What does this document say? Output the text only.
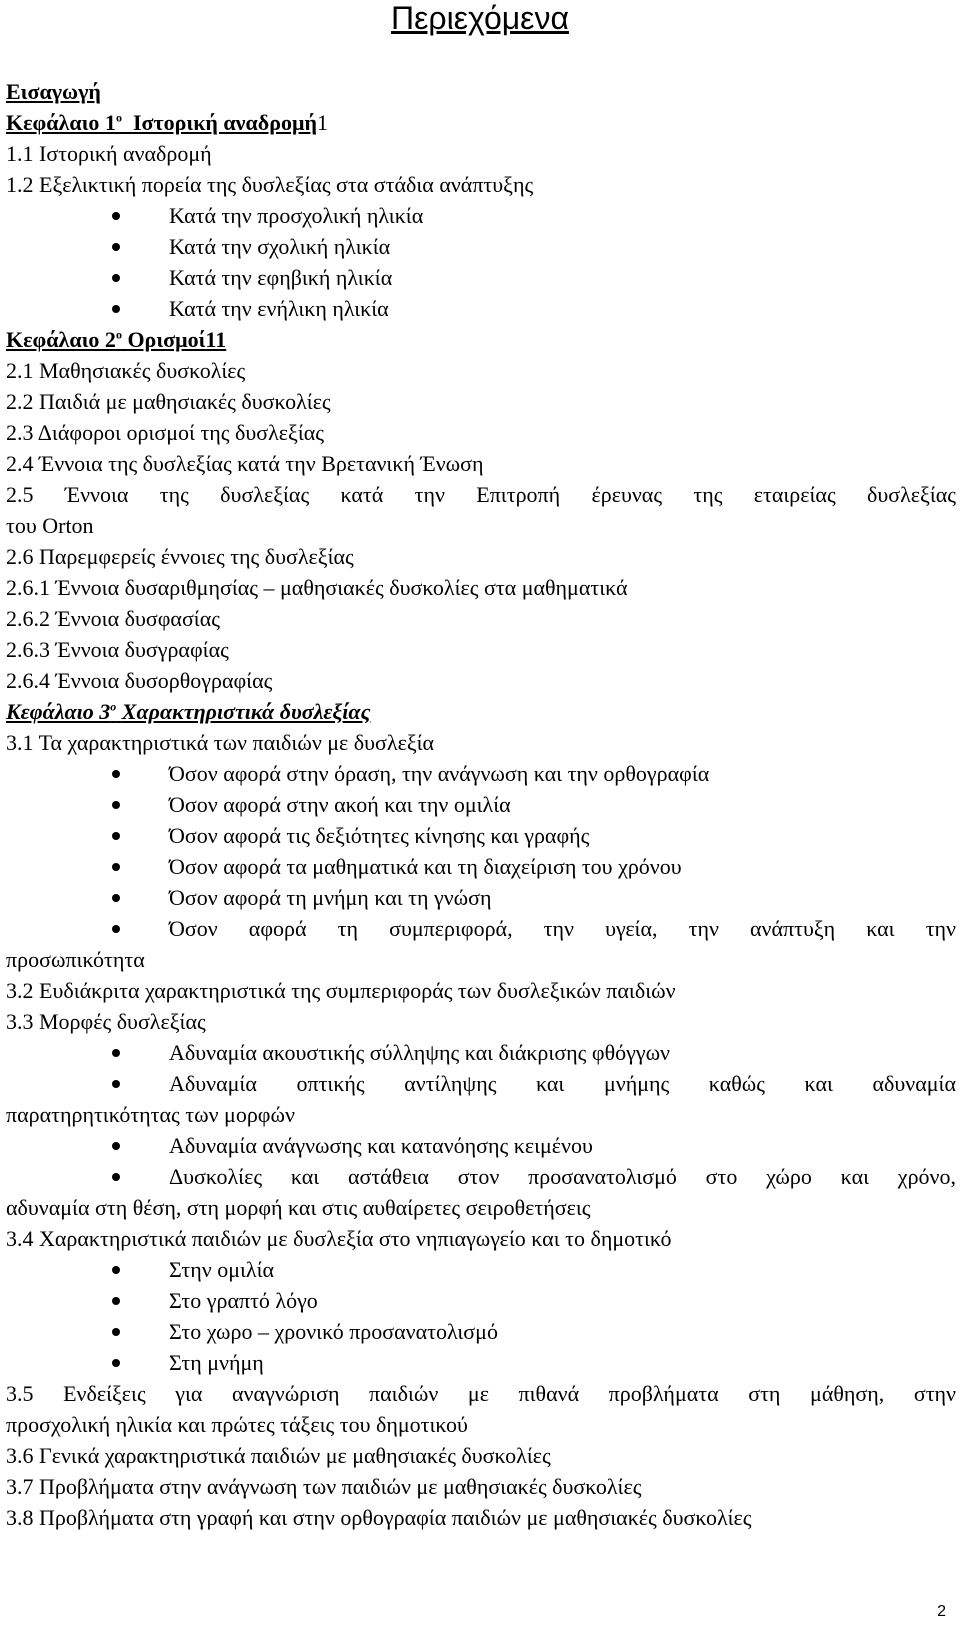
Περιεχόμενα
Εισαγωγή
Κεφάλαιο $1^o$ Ιστορική αναδρομή1
1.1 Ιστορική αναδρομή
1.2 Εξελικτική πορεία της δυσλεξίας στα στάδια ανάπτυξης
Κατά την προσχολική ηλικία
Κατά την σχολική ηλικία
Κατά την εφηβική ηλικία
Κατά την ενήλικη ηλικία
Κεφάλαιο $2^o$ Ορισμοί11
2.1 Μαθησιακές δυσκολίες
2.2 Παιδιά με μαθησιακές δυσκολίες
2.3 Διάφοροι ορισμοί της δυσλεξίας
2.4 Έννοια της δυσλεξίας κατά την Βρετανική Ένωση
2.5 Έννοια της δυσλεξίας κατά την Επιτροπή έρευνας της εταιρείας δυσλεξίας
του Orton
2.6 Παρεμφερείς έννοιες της δυσλεξίας
2.6.1 Έννοια δυσαριθμησίας – μαθησιακές δυσκολίες στα μαθηματικά
2.6.2 Έννοια δυσφασίας
2.6.3 Έννοια δυσγραφίας
2.6.4 Έννοια δυσορθογραφίας
Κεφάλαιο $3^o$ Χαρακτηριστικά δυσλεξίας
3.1 Τα χαρακτηριστικά των παιδιών με δυσλεξία
Όσον αφορά στην όραση, την ανάγνωση και την ορθογραφία
Όσον αφορά στην ακοή και την ομιλία
Όσον αφορά τις δεξιότητες κίνησης και γραφής
Όσον αφορά τα μαθηματικά και τη διαχείριση του χρόνου
Όσον αφορά τη μνήμη και τη γνώση
Όσον αφορά τη συμπεριφορά, την υγεία, την ανάπτυξη και την
προσωπικότητα
3.2 Ευδιάκριτα χαρακτηριστικά της συμπεριφοράς των δυσλεξικών παιδιών
3.3 Μορφές δυσλεξίας
Αδυναμία ακουστικής σύλληψης και διάκρισης φθόγγων
Αδυναμία οπτικής αντίληψης και μνήμης καθώς και αδυναμία
παρατηρητικότητας των μορφών
Αδυναμία ανάγνωσης και κατανόησης κειμένου
Δυσκολίες και αστάθεια στον προσανατολισμό στο χώρο και χρόνο,
αδυναμία στη θέση, στη μορφή και στις αυθαίρετες σειροθετήσεις
3.4 Χαρακτηριστικά παιδιών με δυσλεξία στο νηπιαγωγείο και το δημοτικό
Στην ομιλία
Στο γραπτό λόγο
Στο χωρο – χρονικό προσανατολισμό
Στη μνήμη
3.5 Ενδείξεις για αναγνώριση παιδιών με πιθανά προβλήματα στη μάθηση, στην
προσχολική ηλικία και πρώτες τάξεις του δημοτικού
3.6 Γενικά χαρακτηριστικά παιδιών με μαθησιακές δυσκολίες
3.7 Προβλήματα στην ανάγνωση των παιδιών με μαθησιακές δυσκολίες
3.8 Προβλήματα στη γραφή και στην ορθογραφία παιδιών με μαθησιακές δυσκολίες
2
